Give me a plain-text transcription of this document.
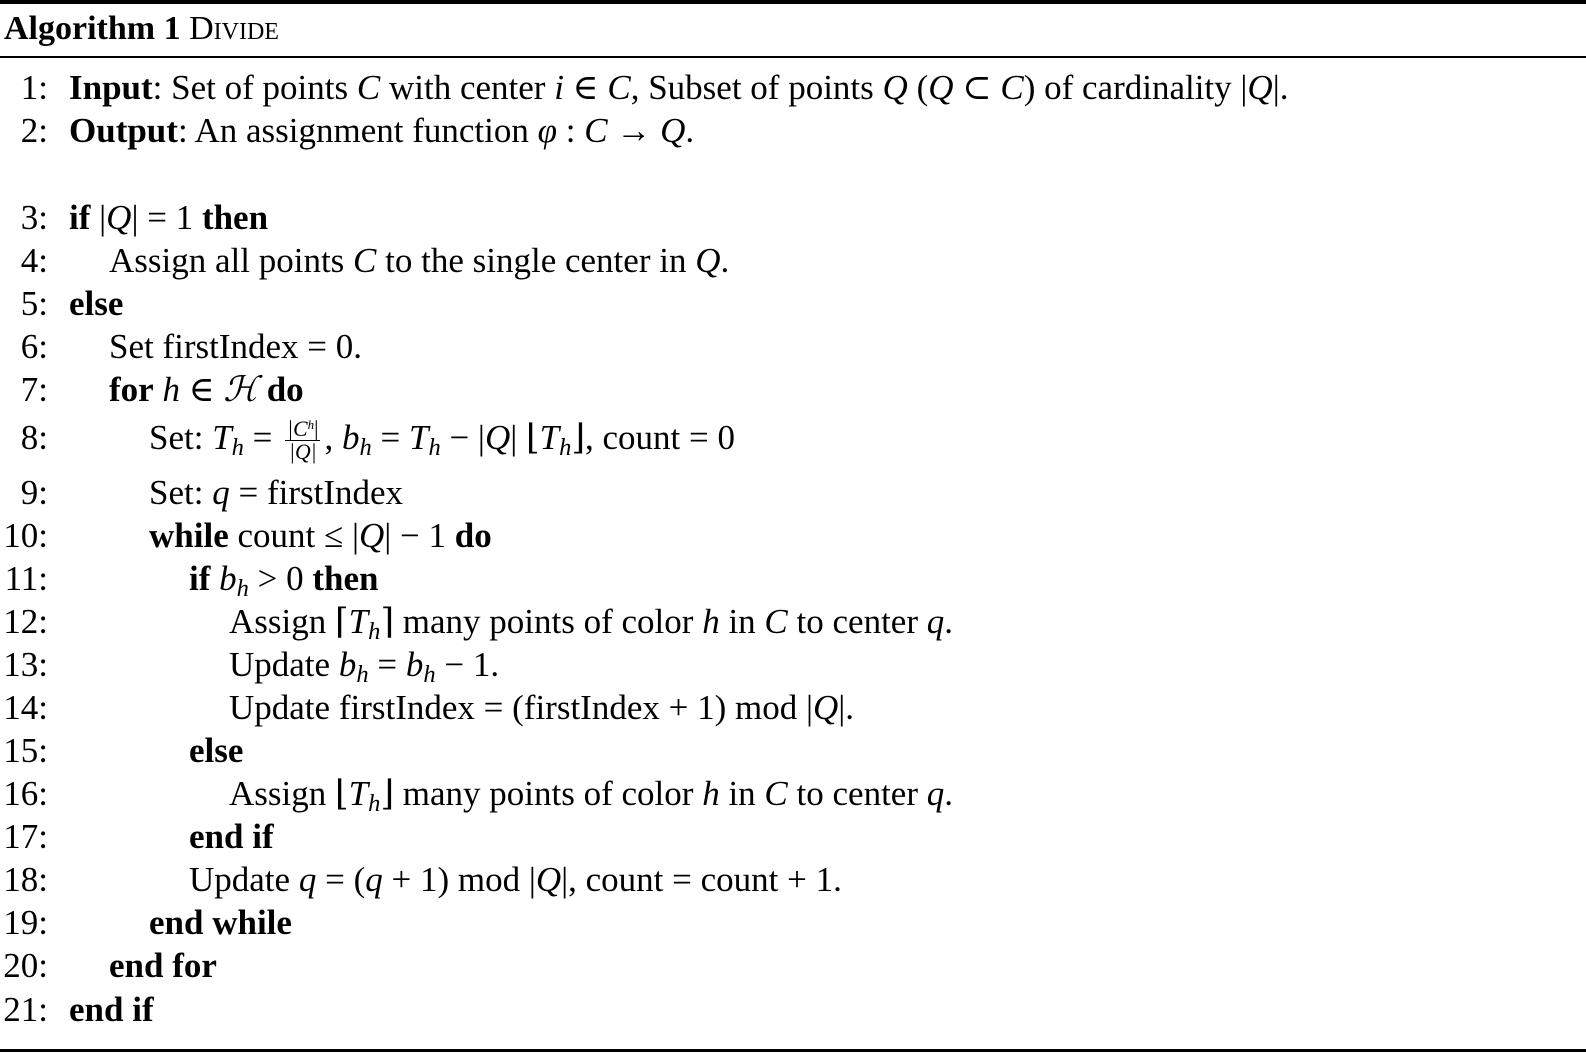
Algorithm 1 Divide
1: Input: Set of points C with center i ∈ C, Subset of points Q (Q ⊂ C) of cardinality |Q|.
2: Output: An assignment function φ : C → Q.
3: if |Q| = 1 then
4: Assign all points C to the single center in Q.
5: else
6: Set firstIndex = 0.
7: for h ∈ ℋ do
8:	Set: $T_h = \frac{|C^h|}{|Q|}$ , $b_h = T_h - |Q|$ $⌊T_h⌋$, count = 0
9:	Set: q = firstIndex
10:	while count ≤ |Q| − 1 do
11:	if $b_h > 0$ then
12:	Assign $⌈T_h⌉$ many points of color h in C to center q.
13:	Update $b_h = b_h - 1$.
14:	Update firstIndex = (firstIndex + 1) mod |Q|.
15:	else
16:	Assign $⌊T_h⌋$ many points of color h in C to center q.
17:	end if
18:	Update q = (q + 1) mod |Q|, count = count + 1.
19:	end while
20: end for
21: end if
